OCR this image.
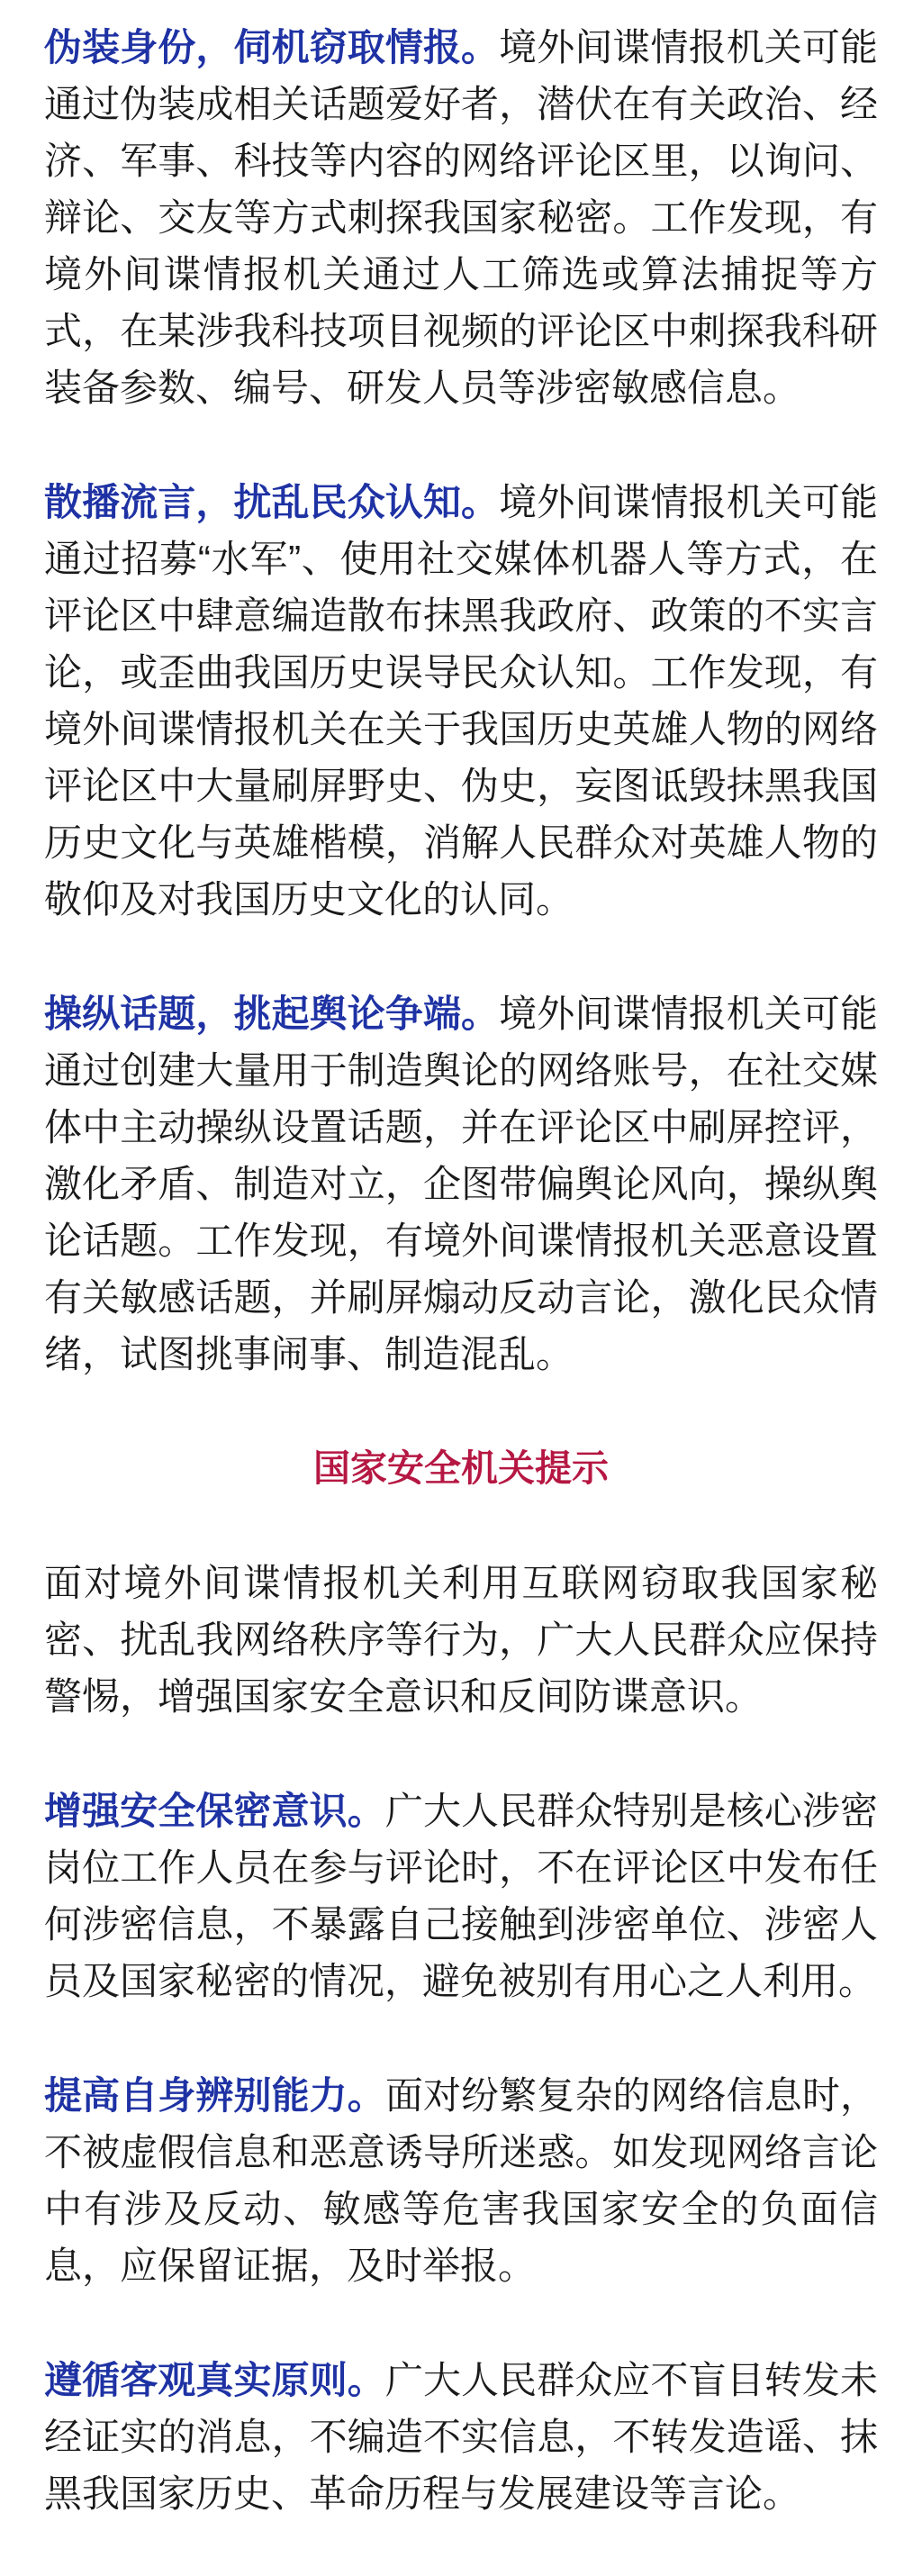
伪装身份，伺机窃取情报。境外间谍情报机关可能通过伪装成相关话题爱好者，潜伏在有关政治、经济、军事、科技等内容的网络评论区里，以询问、辩论、交友等方式刺探我国家秘密。工作发现，有境外间谍情报机关通过人工筛选或算法捕捉等方式，在某涉我科技项目视频的评论区中刺探我科研装备参数、编号、研发人员等涉密敏感信息。

散播流言，扰乱民众认知。境外间谍情报机关可能通过招募“水军”、使用社交媒体机器人等方式，在评论区中肆意编造散布抹黑我政府、政策的不实言论，或歪曲我国历史误导民众认知。工作发现，有境外间谍情报机关在关于我国历史英雄人物的网络评论区中大量刷屏野史、伪史，妄图诋毁抹黑我国历史文化与英雄楷模，消解人民群众对英雄人物的敬仰及对我国历史文化的认同。

操纵话题，挑起舆论争端。境外间谍情报机关可能通过创建大量用于制造舆论的网络账号，在社交媒体中主动操纵设置话题，并在评论区中刷屏控评，激化矛盾、制造对立，企图带偏舆论风向，操纵舆论话题。工作发现，有境外间谍情报机关恶意设置有关敏感话题，并刷屏煽动反动言论，激化民众情绪，试图挑事闹事、制造混乱。

国家安全机关提示

面对境外间谍情报机关利用互联网窃取我国家秘密、扰乱我网络秩序等行为，广大人民群众应保持警惕，增强国家安全意识和反间防谍意识。

增强安全保密意识。广大人民群众特别是核心涉密岗位工作人员在参与评论时，不在评论区中发布任何涉密信息，不暴露自己接触到涉密单位、涉密人员及国家秘密的情况，避免被别有用心之人利用。

提高自身辨别能力。面对纷繁复杂的网络信息时，不被虚假信息和恶意诱导所迷惑。如发现网络言论中有涉及反动、敏感等危害我国家安全的负面信息，应保留证据，及时举报。

遵循客观真实原则。广大人民群众应不盲目转发未经证实的消息，不编造不实信息，不转发造谣、抹黑我国家历史、革命历程与发展建设等言论。
